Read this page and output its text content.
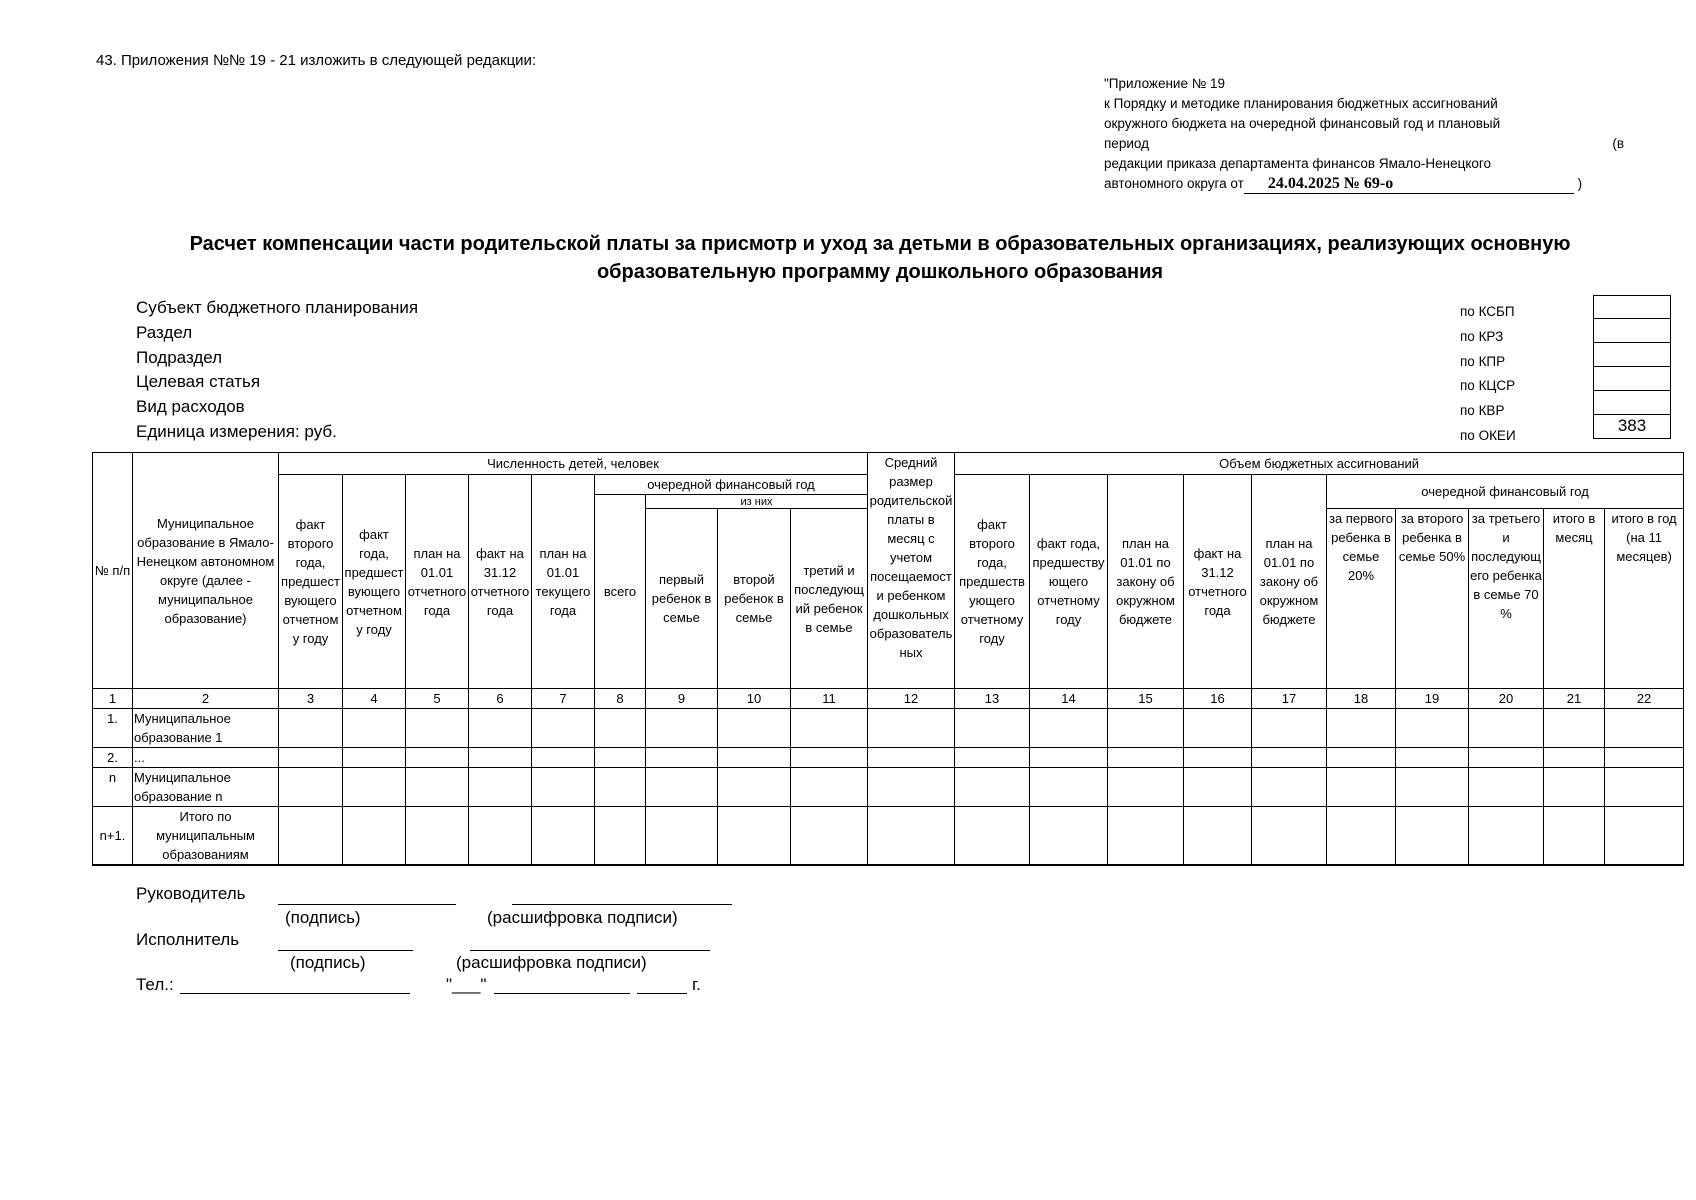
43. Приложения №№ 19 - 21 изложить в следующей редакции:
"Приложение № 19
к Порядку и методике планирования бюджетных ассигнований
окружного бюджета на очередной финансовый год и плановый
период	(в
редакции приказа департамента финансов Ямало-Ненецкого
автономного округа от 24.04.2025 № 69-о	)
Расчет компенсации части родительской платы за присмотр и уход за детьми в образовательных организациях, реализующих основную
образовательную программу дошкольного образования
Субъект бюджетного планирования
Раздел
Подраздел
Целевая статья
Вид расходов
Единица измерения: руб.
по КСБП
по КРЗ
по КПР
по КЦСР
по КВР
по ОКЕИ
383
№ п/п	Муниципальное образование в Ямало-Ненецком автономном округе (далее - муниципальное образование)	Численность детей, человек									Средний размер родительской платы в месяц с учетом посещаемости ребенком дошкольных образовательных	Объем бюджетных ассигнований									
		факт второго года, предшествующего отчетному году	факт года, предшествующего отчетному году	план на 01.01 отчетного года	факт на 31.12 отчетного года	план на 01.01 текущего года	очередной финансовый год					факт второго года, предшествующего отчетному году	факт года, предшествующего отчетному году	план на 01.01 по закону об окружном бюджете	факт на 31.12 отчетного года	план на 01.01 по закону об окружном бюджете	очередной финансовый год				
							всего	из них													
								первый ребенок в семье	второй ребенок в семье	третий и последующий ребенок в семье							за первого ребенка в семье 20%	за второго ребенка в семье 50%	за третьего и последующего ребенка в семье 70 %	итого в месяц	итого в год (на 11 месяцев)
1	2	3	4	5	6	7	8	9	10	11	12	13	14	15	16	17	18	19	20	21	22
1.	Муниципальное образование 1																				
2.	...																				
n	Муниципальное образование n																				
n+1.	Итого по муниципальным образованиям																				
Руководитель
(подпись)	(расшифровка подписи)
Исполнитель
(подпись)	(расшифровка подписи)
Тел.:	"___"	г.
